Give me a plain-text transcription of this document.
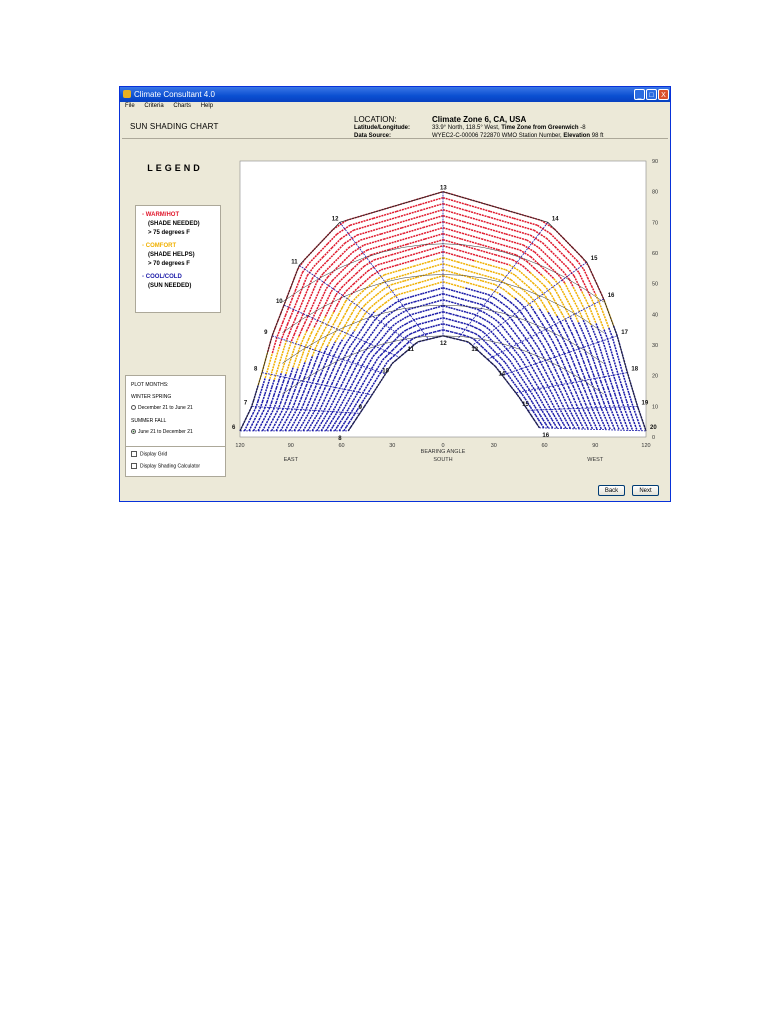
Climate Consultant 4.0	_	□	X
File Criteria Charts Help
SUN SHADING CHART
LOCATION:	Climate Zone 6, CA, USA
Latitude/Longitude:	33.9° North, 118.5° West, Time Zone from Greenwich -8
Data Source:	WYEC2-C-00006 722870 WMO Station Number, Elevation 98 ft
LEGEND
▫ WARM/HOT
(SHADE NEEDED)
> 75 degrees F
▫ COMFORT
(SHADE HELPS)
> 70 degrees F
▫ COOL/COLD
(SUN NEEDED)
PLOT MONTHS:
WINTER SPRING
December 21 to June 21
SUMMER FALL
June 21 to December 21
Display Grid
Display Shading Calculator
6
7
8
9
10
11
12
13
14
15
16
17
18
19
20
8
9
10
11
12
13
14
15
16
120	90	60	30	0	30	60	90	120
BEARING ANGLE
EAST	SOUTH	WEST
0
10
20
30
40
50
60
70
80
90
Back	Next
